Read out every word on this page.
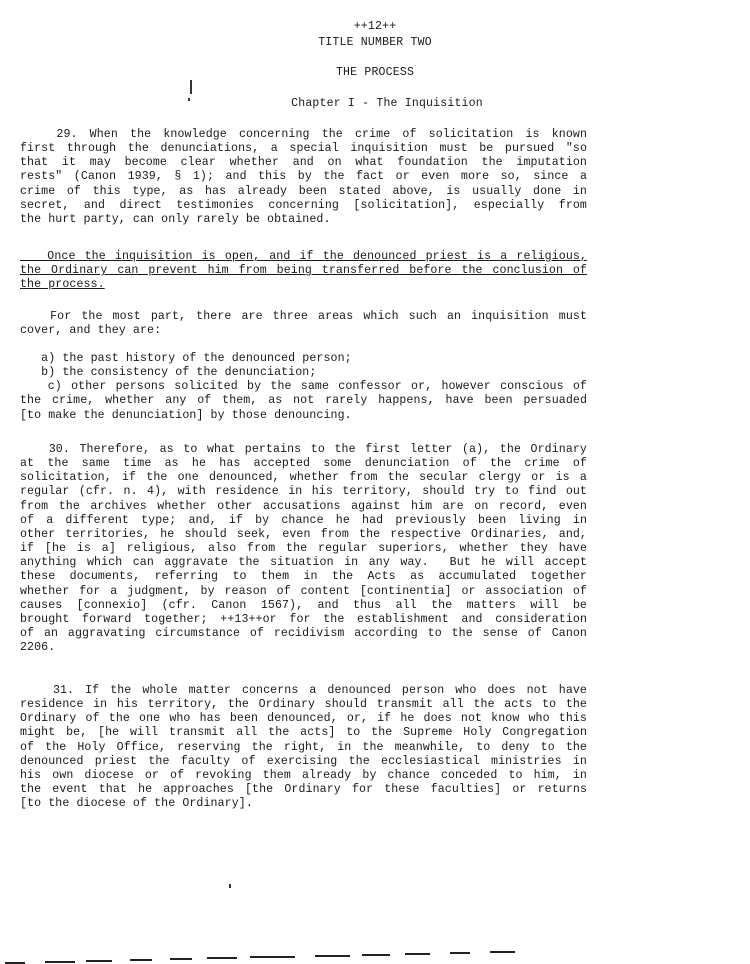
++12++
TITLE NUMBER TWO
THE PROCESS
Chapter I - The Inquisition
29. When the knowledge concerning the crime of solicitation is known
first through the denunciations, a special inquisition must be pursued "so
that it may become clear whether and on what foundation the imputation
rests" (Canon 1939, § 1); and this by the fact or even more so, since a
crime of this type, as has already been stated above, is usually done in
secret, and direct testimonies concerning [solicitation], especially from
the hurt party, can only rarely be obtained.
Once the inquisition is open, and if the denounced priest is a religious,
the Ordinary can prevent him from being transferred before the conclusion of
the process.
For the most part, there are three areas which such an inquisition must
cover, and they are:
a) the past history of the denounced person;
b) the consistency of the denunciation;
c) other persons solicited by the same confessor or, however conscious of
the crime, whether any of them, as not rarely happens, have been persuaded
[to make the denunciation] by those denouncing.
30. Therefore, as to what pertains to the first letter (a), the Ordinary
at the same time as he has accepted some denunciation of the crime of
solicitation, if the one denounced, whether from the secular clergy or is a
regular (cfr. n. 4), with residence in his territory, should try to find out
from the archives whether other accusations against him are on record, even
of a different type; and, if by chance he had previously been living in
other territories, he should seek, even from the respective Ordinaries, and,
if [he is a] religious, also from the regular superiors, whether they have
anything which can aggravate the situation in any way.  But he will accept
these documents, referring to them in the Acts as accumulated together
whether for a judgment, by reason of content [continentia] or association of
causes [connexio] (cfr. Canon 1567), and thus all the matters will be
brought forward together; ++13++or for the establishment and consideration
of an aggravating circumstance of recidivism according to the sense of Canon
2206.
31. If the whole matter concerns a denounced person who does not have
residence in his territory, the Ordinary should transmit all the acts to the
Ordinary of the one who has been denounced, or, if he does not know who this
might be, [he will transmit all the acts] to the Supreme Holy Congregation
of the Holy Office, reserving the right, in the meanwhile, to deny to the
denounced priest the faculty of exercising the ecclesiastical ministries in
his own diocese or of revoking them already by chance conceded to him, in
the event that he approaches [the Ordinary for these faculties] or returns
[to the diocese of the Ordinary].
